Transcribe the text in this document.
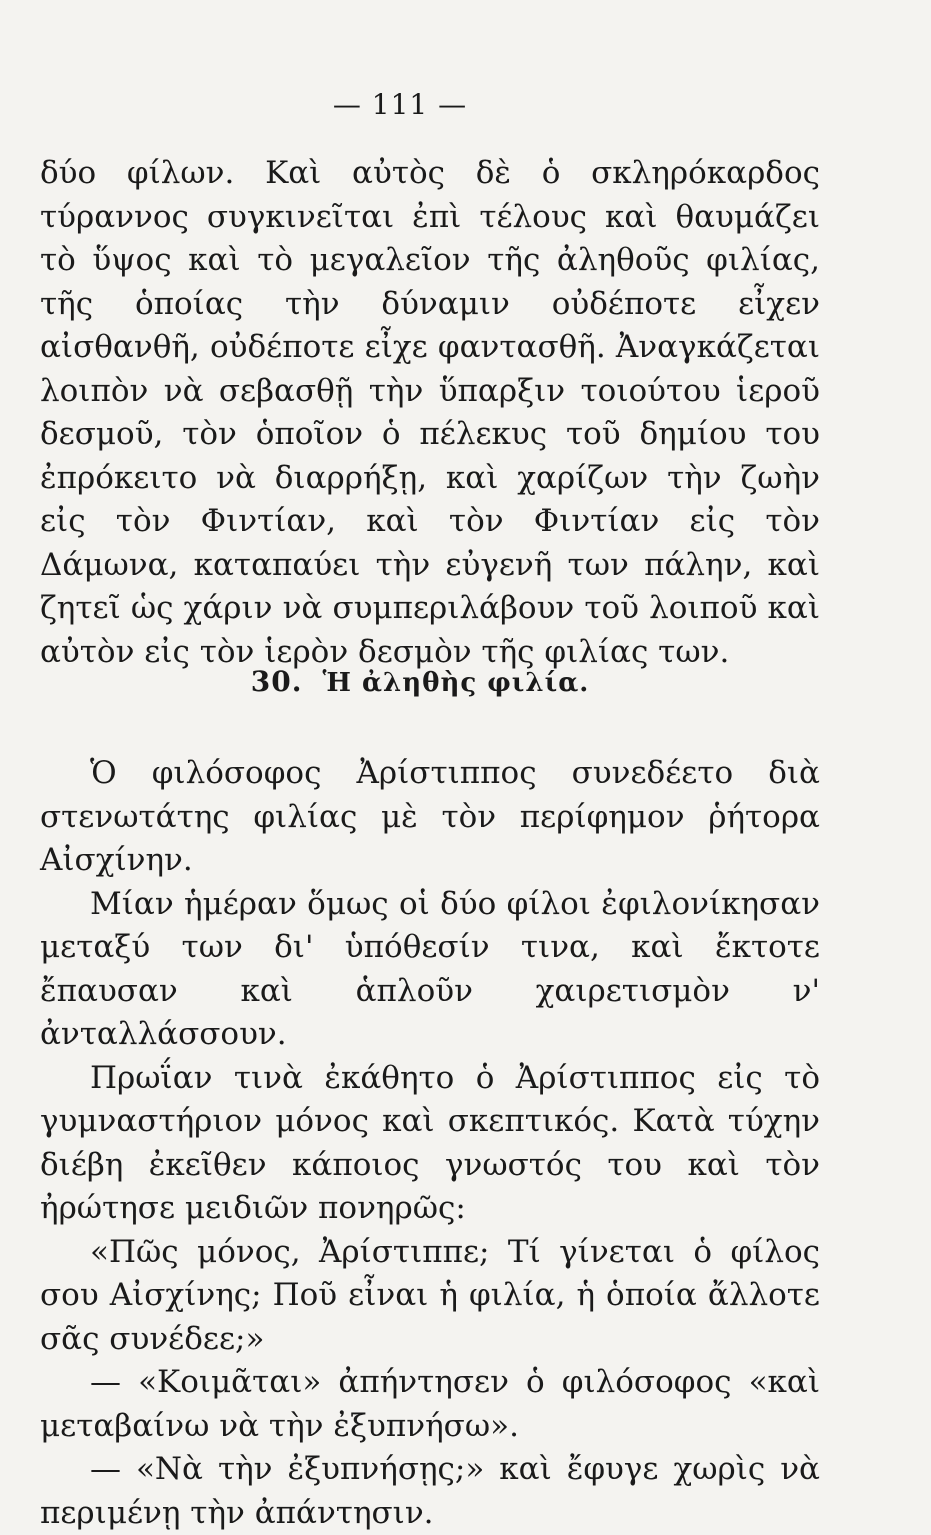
— 111 —

δύο φίλων. Καὶ αὐτὸς δὲ ὁ σκληρόκαρδος τύραννος συγκινεῖται ἐπὶ τέλους καὶ θαυμάζει τὸ ὕψος καὶ τὸ μεγαλεῖον τῆς ἀληθοῦς φιλίας, τῆς ὁποίας τὴν δύναμιν οὐδέποτε εἶχεν αἰσθανθῆ, οὐδέποτε εἶχε φαντασθῆ. Ἀναγκάζεται λοιπὸν νὰ σεβασθῇ τὴν ὕπαρξιν τοιούτου ἱεροῦ δεσμοῦ, τὸν ὁποῖον ὁ πέλεκυς τοῦ δημίου του ἐπρόκειτο νὰ διαρρήξῃ, καὶ χαρίζων τὴν ζωὴν εἰς τὸν Φιντίαν, καὶ τὸν Φιντίαν εἰς τὸν Δάμωνα, καταπαύει τὴν εὐγενῆ των πάλην, καὶ ζητεῖ ὡς χάριν νὰ συμπεριλάβουν τοῦ λοιποῦ καὶ αὐτὸν εἰς τὸν ἱερὸν δεσμὸν τῆς φιλίας των.

30. Ἡ ἀληθὴς φιλία.

Ὁ φιλόσοφος Ἀρίστιππος συνεδέετο διὰ στενωτάτης φιλίας μὲ τὸν περίφημον ῥήτορα Αἰσχίνην.

Μίαν ἡμέραν ὅμως οἱ δύο φίλοι ἐφιλονίκησαν μεταξύ των δι' ὑπόθεσίν τινα, καὶ ἔκτοτε ἔπαυσαν καὶ ἁπλοῦν χαιρετισμὸν ν' ἀνταλλάσσουν.

Πρωΐαν τινὰ ἐκάθητο ὁ Ἀρίστιππος εἰς τὸ γυμναστήριον μόνος καὶ σκεπτικός. Κατὰ τύχην διέβη ἐκεῖθεν κάποιος γνωστός του καὶ τὸν ἠρώτησε μειδιῶν πονηρῶς:

«Πῶς μόνος, Ἀρίστιππε; Τί γίνεται ὁ φίλος σου Αἰσχίνης; Ποῦ εἶναι ἡ φιλία, ἡ ὁποία ἄλλοτε σᾶς συνέδεε;»

— «Κοιμᾶται» ἀπήντησεν ὁ φιλόσοφος «καὶ μεταβαίνω νὰ τὴν ἐξυπνήσω».

— «Νὰ τὴν ἐξυπνήσῃς;» καὶ ἔφυγε χωρὶς νὰ περιμένῃ τὴν ἀπάντησιν.
